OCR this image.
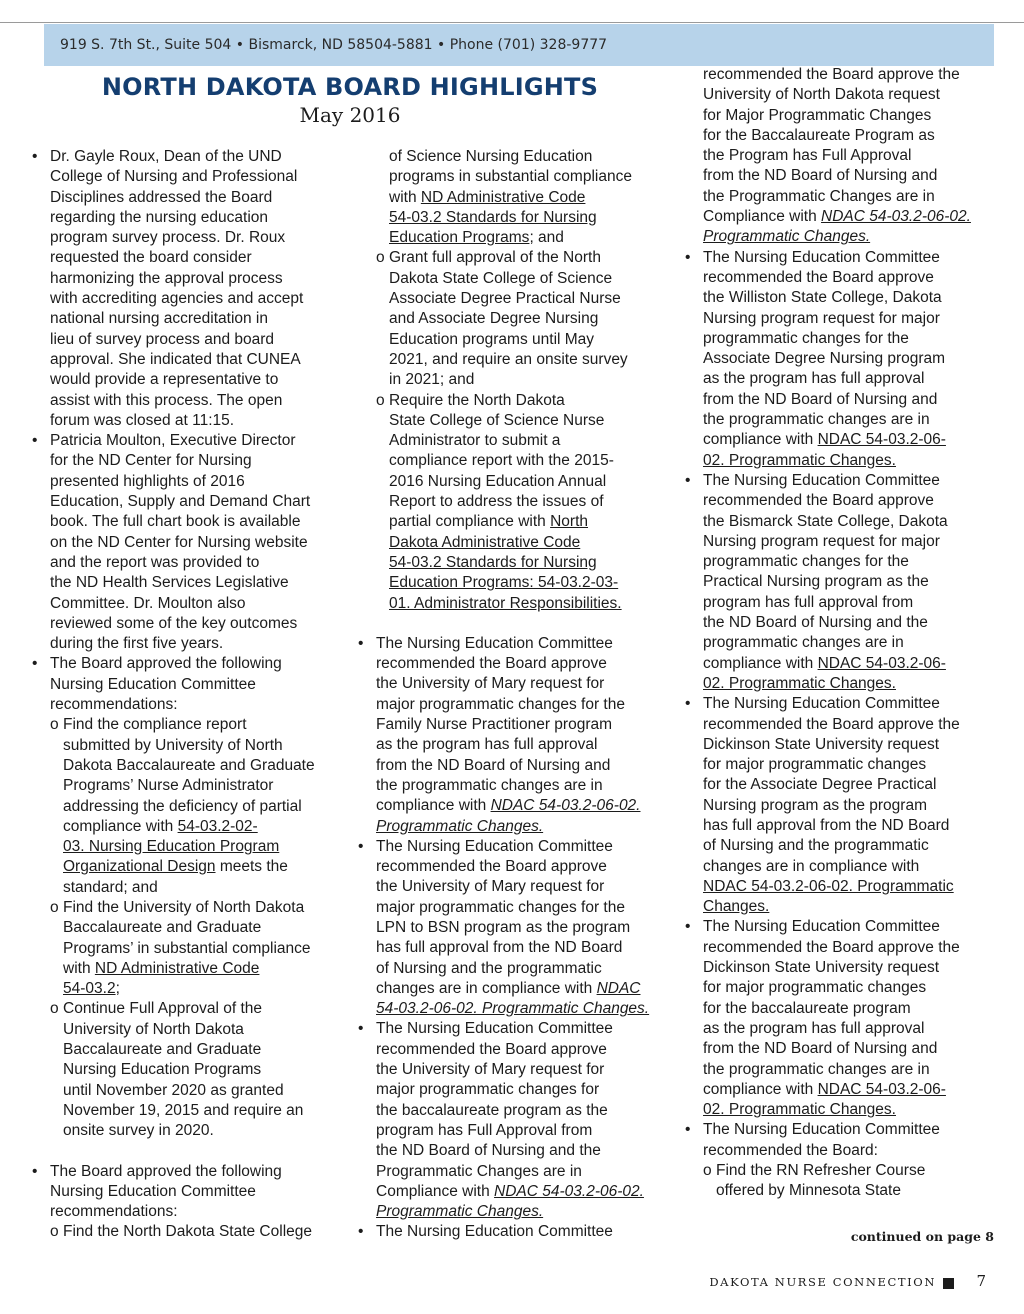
919 S. 7th St., Suite 504 • Bismarck, ND 58504-5881 • Phone (701) 328-9777
NORTH DAKOTA BOARD HIGHLIGHTS
May 2016

• Dr. Gayle Roux, Dean of the UND

College of Nursing and Professional

Disciplines addressed the Board

regarding the nursing education

program survey process. Dr. Roux

requested the board consider

harmonizing the approval process

with accrediting agencies and accept

national nursing accreditation in

lieu of survey process and board

approval. She indicated that CUNEA

would provide a representative to

assist with this process. The open

forum was closed at 11:15.

• Patricia Moulton, Executive Director

for the ND Center for Nursing

presented highlights of 2016

Education, Supply and Demand Chart

book. The full chart book is available

on the ND Center for Nursing website

and the report was provided to

the ND Health Services Legislative

Committee. Dr. Moulton also

reviewed some of the key outcomes

during the first five years.

• The Board approved the following

Nursing Education Committee

recommendations:

o Find the compliance report

submitted by University of North

Dakota Baccalaureate and Graduate

Programs’ Nurse Administrator

addressing the deficiency of partial

compliance with 54-03.2-02-

03. Nursing Education Program

Organizational Design meets the

standard; and

o Find the University of North Dakota

Baccalaureate and Graduate

Programs’ in substantial compliance

with ND Administrative Code

54-03.2;

o Continue Full Approval of the

University of North Dakota

Baccalaureate and Graduate

Nursing Education Programs

until November 2020 as granted

November 19, 2015 and require an

onsite survey in 2020.

• The Board approved the following

Nursing Education Committee

recommendations:

o Find the North Dakota State College

of Science Nursing Education

programs in substantial compliance

with ND Administrative Code

54-03.2 Standards for Nursing

Education Programs; and

o Grant full approval of the North

Dakota State College of Science

Associate Degree Practical Nurse

and Associate Degree Nursing

Education programs until May

2021, and require an onsite survey

in 2021; and

o Require the North Dakota

State College of Science Nurse

Administrator to submit a

compliance report with the 2015-

2016 Nursing Education Annual

Report to address the issues of

partial compliance with North

Dakota Administrative Code

54-03.2 Standards for Nursing

Education Programs: 54-03.2-03-

01. Administrator Responsibilities.

• The Nursing Education Committee

recommended the Board approve

the University of Mary request for

major programmatic changes for the

Family Nurse Practitioner program

as the program has full approval

from the ND Board of Nursing and

the programmatic changes are in

compliance with NDAC 54-03.2-06-02.

Programmatic Changes.

• The Nursing Education Committee

recommended the Board approve

the University of Mary request for

major programmatic changes for the

LPN to BSN program as the program

has full approval from the ND Board

of Nursing and the programmatic

changes are in compliance with NDAC

54-03.2-06-02. Programmatic Changes.

• The Nursing Education Committee

recommended the Board approve

the University of Mary request for

major programmatic changes for

the baccalaureate program as the

program has Full Approval from

the ND Board of Nursing and the

Programmatic Changes are in

Compliance with NDAC 54-03.2-06-02.

Programmatic Changes.

• The Nursing Education Committee

recommended the Board approve the

University of North Dakota request

for Major Programmatic Changes

for the Baccalaureate Program as

the Program has Full Approval

from the ND Board of Nursing and

the Programmatic Changes are in

Compliance with NDAC 54-03.2-06-02.

Programmatic Changes.

• The Nursing Education Committee

recommended the Board approve

the Williston State College, Dakota

Nursing program request for major

programmatic changes for the

Associate Degree Nursing program

as the program has full approval

from the ND Board of Nursing and

the programmatic changes are in

compliance with NDAC 54-03.2-06-

02. Programmatic Changes.

• The Nursing Education Committee

recommended the Board approve

the Bismarck State College, Dakota

Nursing program request for major

programmatic changes for the

Practical Nursing program as the

program has full approval from

the ND Board of Nursing and the

programmatic changes are in

compliance with NDAC 54-03.2-06-

02. Programmatic Changes.

• The Nursing Education Committee

recommended the Board approve the

Dickinson State University request

for major programmatic changes

for the Associate Degree Practical

Nursing program as the program

has full approval from the ND Board

of Nursing and the programmatic

changes are in compliance with

NDAC 54-03.2-06-02. Programmatic

Changes.

• The Nursing Education Committee

recommended the Board approve the

Dickinson State University request

for major programmatic changes

for the baccalaureate program

as the program has full approval

from the ND Board of Nursing and

the programmatic changes are in

compliance with NDAC 54-03.2-06-

02. Programmatic Changes.

• The Nursing Education Committee

recommended the Board:

o Find the RN Refresher Course

offered by Minnesota State

continued on page 8
DAKOTA NURSE CONNECTION	7
